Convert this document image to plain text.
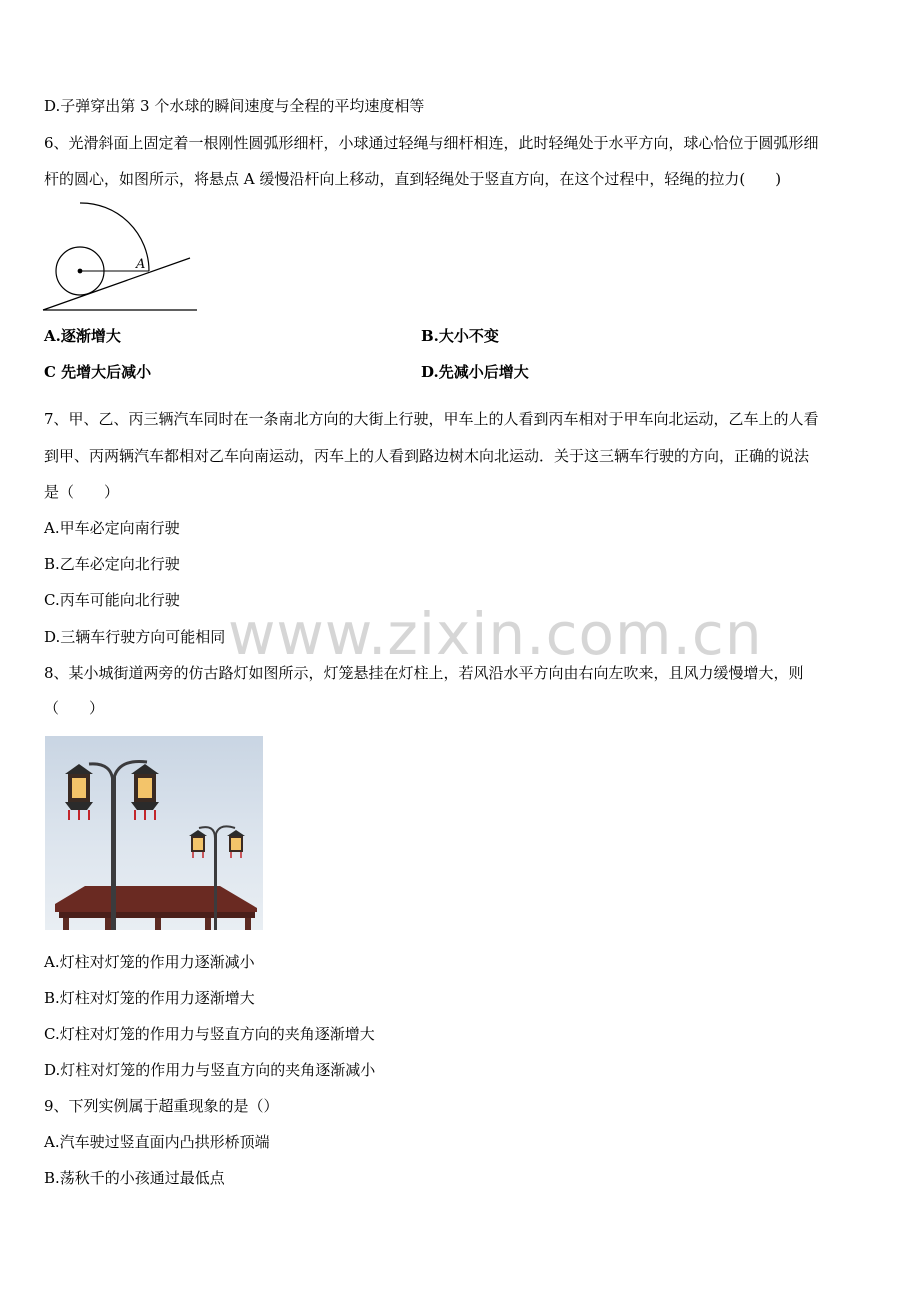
www.zixin.com.cn
D.子弹穿出第 3 个水球的瞬间速度与全程的平均速度相等
6、光滑斜面上固定着一根刚性圆弧形细杆，小球通过轻绳与细杆相连，此时轻绳处于水平方向，球心恰位于圆弧形细
杆的圆心，如图所示，将悬点 A 缓慢沿杆向上移动，直到轻绳处于竖直方向，在这个过程中，轻绳的拉力(　　)
A
A.逐渐增大	B.大小不变
C 先增大后减小	D.先减小后增大
7、甲、乙、丙三辆汽车同时在一条南北方向的大街上行驶，甲车上的人看到丙车相对于甲车向北运动，乙车上的人看
到甲、丙两辆汽车都相对乙车向南运动，丙车上的人看到路边树木向北运动．关于这三辆车行驶的方向，正确的说法
是（　　）
A.甲车必定向南行驶
B.乙车必定向北行驶
C.丙车可能向北行驶
D.三辆车行驶方向可能相同
8、某小城街道两旁的仿古路灯如图所示，灯笼悬挂在灯柱上，若风沿水平方向由右向左吹来，且风力缓慢增大，则
（　　）
A.灯柱对灯笼的作用力逐渐减小
B.灯柱对灯笼的作用力逐渐增大
C.灯柱对灯笼的作用力与竖直方向的夹角逐渐增大
D.灯柱对灯笼的作用力与竖直方向的夹角逐渐减小
9、下列实例属于超重现象的是（）
A.汽车驶过竖直面内凸拱形桥顶端
B.荡秋千的小孩通过最低点
